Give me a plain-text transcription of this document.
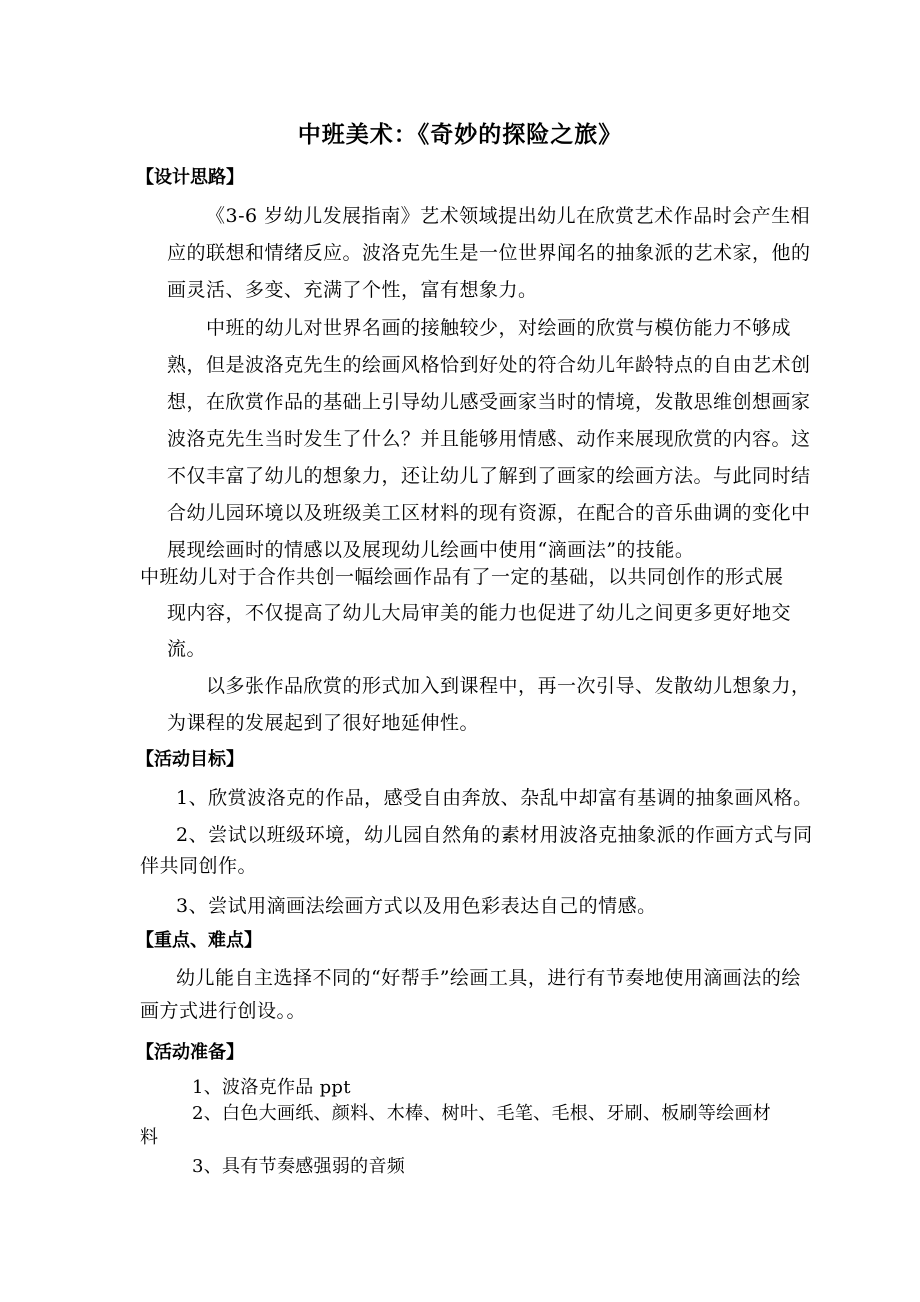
中班美术：《奇妙的探险之旅》
【设计思路】
《3-6 岁幼儿发展指南》艺术领域提出幼儿在欣赏艺术作品时会产生相
应的联想和情绪反应。波洛克先生是一位世界闻名的抽象派的艺术家，他的
画灵活、多变、充满了个性，富有想象力。
中班的幼儿对世界名画的接触较少，对绘画的欣赏与模仿能力不够成
熟，但是波洛克先生的绘画风格恰到好处的符合幼儿年龄特点的自由艺术创
想，在欣赏作品的基础上引导幼儿感受画家当时的情境，发散思维创想画家
波洛克先生当时发生了什么？并且能够用情感、动作来展现欣赏的内容。这
不仅丰富了幼儿的想象力，还让幼儿了解到了画家的绘画方法。与此同时结
合幼儿园环境以及班级美工区材料的现有资源，在配合的音乐曲调的变化中
展现绘画时的情感以及展现幼儿绘画中使用“滴画法”的技能。
中班幼儿对于合作共创一幅绘画作品有了一定的基础，以共同创作的形式展
现内容，不仅提高了幼儿大局审美的能力也促进了幼儿之间更多更好地交
流。
以多张作品欣赏的形式加入到课程中，再一次引导、发散幼儿想象力，
为课程的发展起到了很好地延伸性。
【活动目标】
1、欣赏波洛克的作品，感受自由奔放、杂乱中却富有基调的抽象画风格。
2、尝试以班级环境，幼儿园自然角的素材用波洛克抽象派的作画方式与同
伴共同创作。
3、尝试用滴画法绘画方式以及用色彩表达自己的情感。
【重点、难点】
幼儿能自主选择不同的“好帮手”绘画工具，进行有节奏地使用滴画法的绘
画方式进行创设。。
【活动准备】
1、波洛克作品 ppt
2、白色大画纸、颜料、木棒、树叶、毛笔、毛根、牙刷、板刷等绘画材
料
3、具有节奏感强弱的音频
